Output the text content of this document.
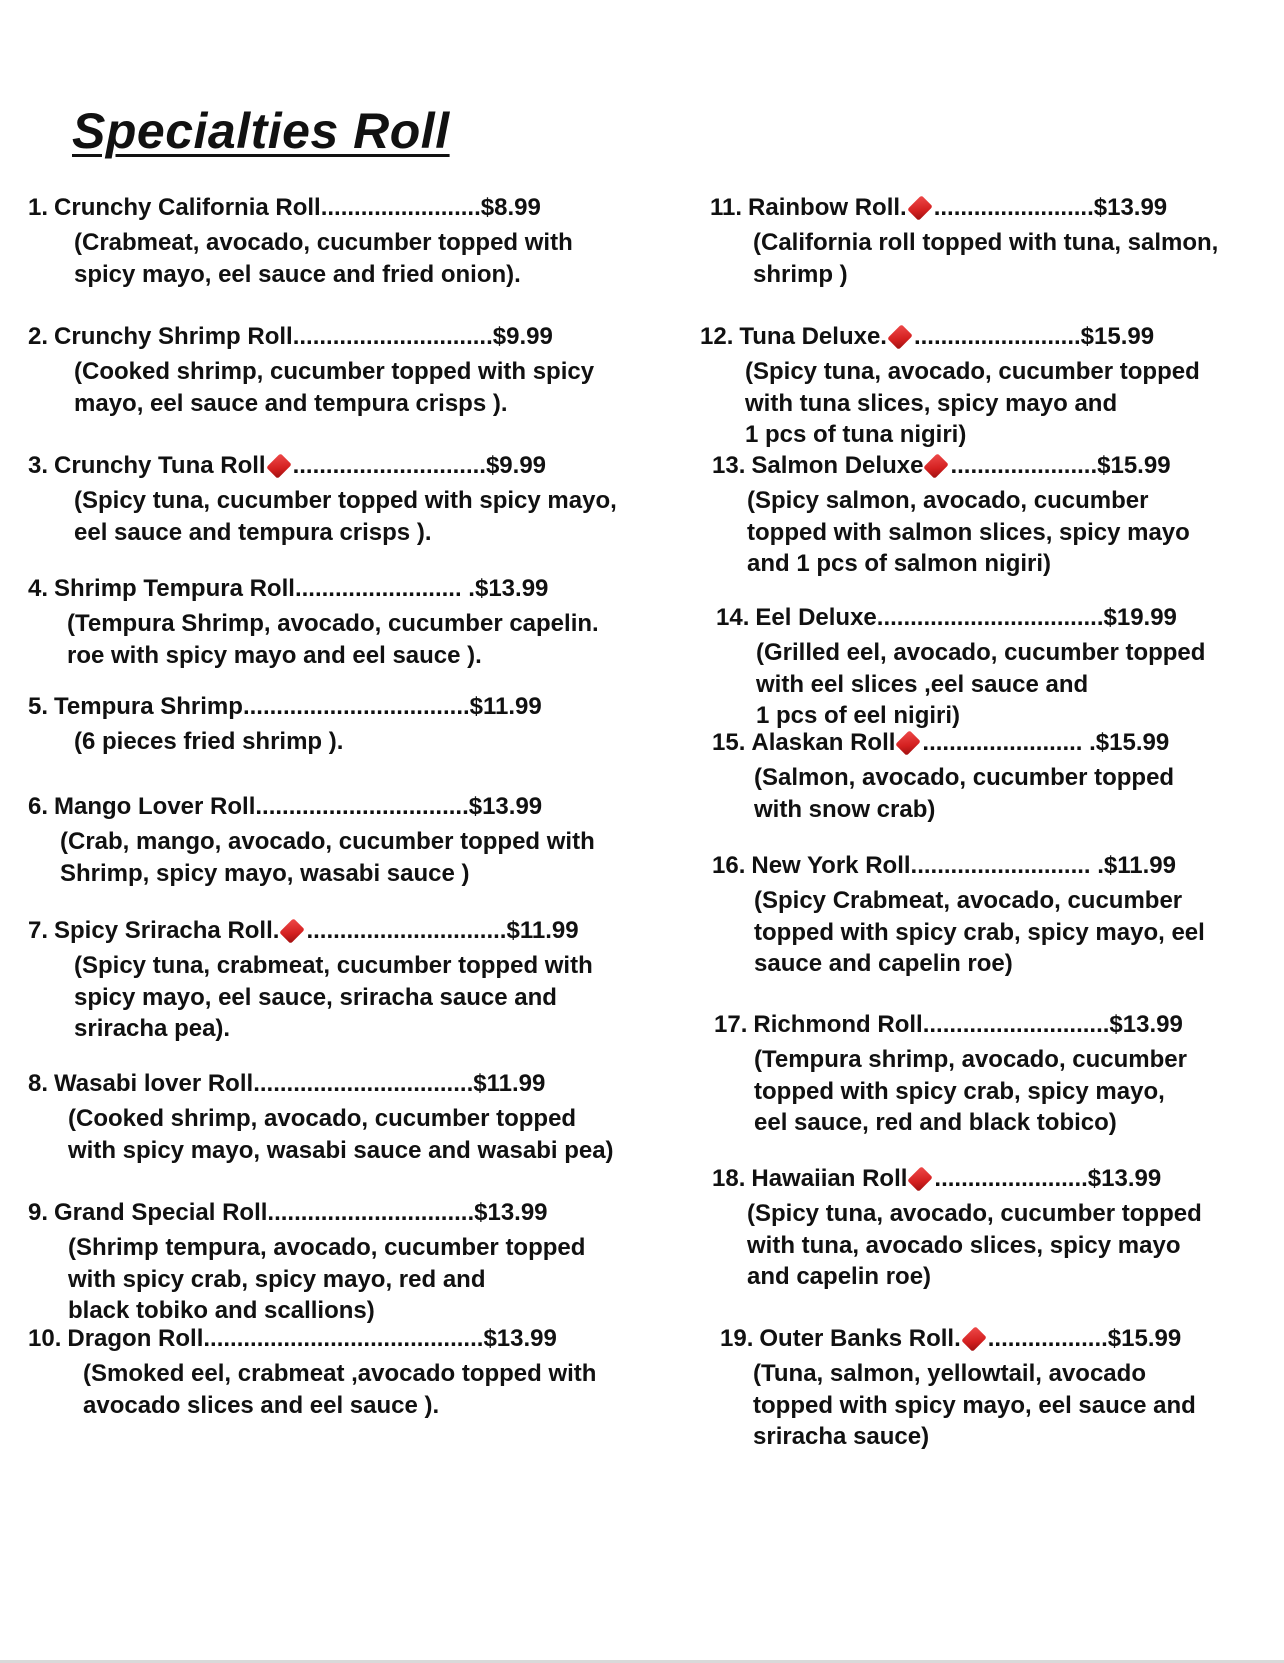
Specialties Roll
1. Crunchy California Roll ........................ $8.99
(Crabmeat, avocado, cucumber topped with
spicy mayo, eel sauce and fried onion).
2. Crunchy Shrimp Roll .............................. $9.99
(Cooked shrimp, cucumber topped with spicy
mayo, eel sauce and tempura crisps ).
3. Crunchy Tuna Roll ............................. $9.99
(Spicy tuna, cucumber topped with spicy mayo,
eel sauce and tempura crisps ).
4. Shrimp Tempura Roll ......................... . $13.99
(Tempura Shrimp, avocado, cucumber capelin.
roe with spicy mayo and eel sauce ).
5. Tempura Shrimp .................................. $11.99
(6 pieces fried shrimp ).
6. Mango Lover Roll ................................ $13.99
(Crab, mango, avocado, cucumber topped with
Shrimp, spicy mayo, wasabi sauce )
7. Spicy Sriracha Roll. .............................. $11.99
(Spicy tuna, crabmeat, cucumber topped with
spicy mayo, eel sauce, sriracha sauce and
sriracha pea).
8. Wasabi lover Roll ................................. $11.99
(Cooked shrimp, avocado, cucumber topped
with spicy mayo, wasabi sauce and wasabi pea)
9. Grand Special Roll ............................... $13.99
(Shrimp tempura, avocado, cucumber topped
with spicy crab, spicy mayo, red and
black tobiko and scallions)
10. Dragon Roll .......................................... $13.99
(Smoked eel, crabmeat ,avocado topped with
avocado slices and eel sauce ).
11. Rainbow Roll. ........................ $13.99
(California roll topped with tuna, salmon,
shrimp )
12. Tuna Deluxe. ......................... $15.99
(Spicy tuna, avocado, cucumber topped
with tuna slices, spicy mayo and
1 pcs of tuna nigiri)
13. Salmon Deluxe ...................... $15.99
(Spicy salmon, avocado, cucumber
topped with salmon slices, spicy mayo
and 1 pcs of salmon nigiri)
14. Eel Deluxe .................................. $19.99
(Grilled eel, avocado, cucumber topped
with eel slices ,eel sauce and
1 pcs of eel nigiri)
15. Alaskan Roll ........................ . $15.99
(Salmon, avocado, cucumber topped
with snow crab)
16. New York Roll ........................... . $11.99
(Spicy Crabmeat, avocado, cucumber
topped with spicy crab, spicy mayo, eel
sauce and capelin roe)
17. Richmond Roll ............................ $13.99
(Tempura shrimp, avocado, cucumber
topped with spicy crab, spicy mayo,
eel sauce, red and black tobico)
18. Hawaiian Roll ....................... $13.99
(Spicy tuna, avocado, cucumber topped
with tuna, avocado slices, spicy mayo
and capelin roe)
19. Outer Banks Roll. .................. $15.99
(Tuna, salmon, yellowtail, avocado
topped with spicy mayo, eel sauce and
sriracha sauce)
